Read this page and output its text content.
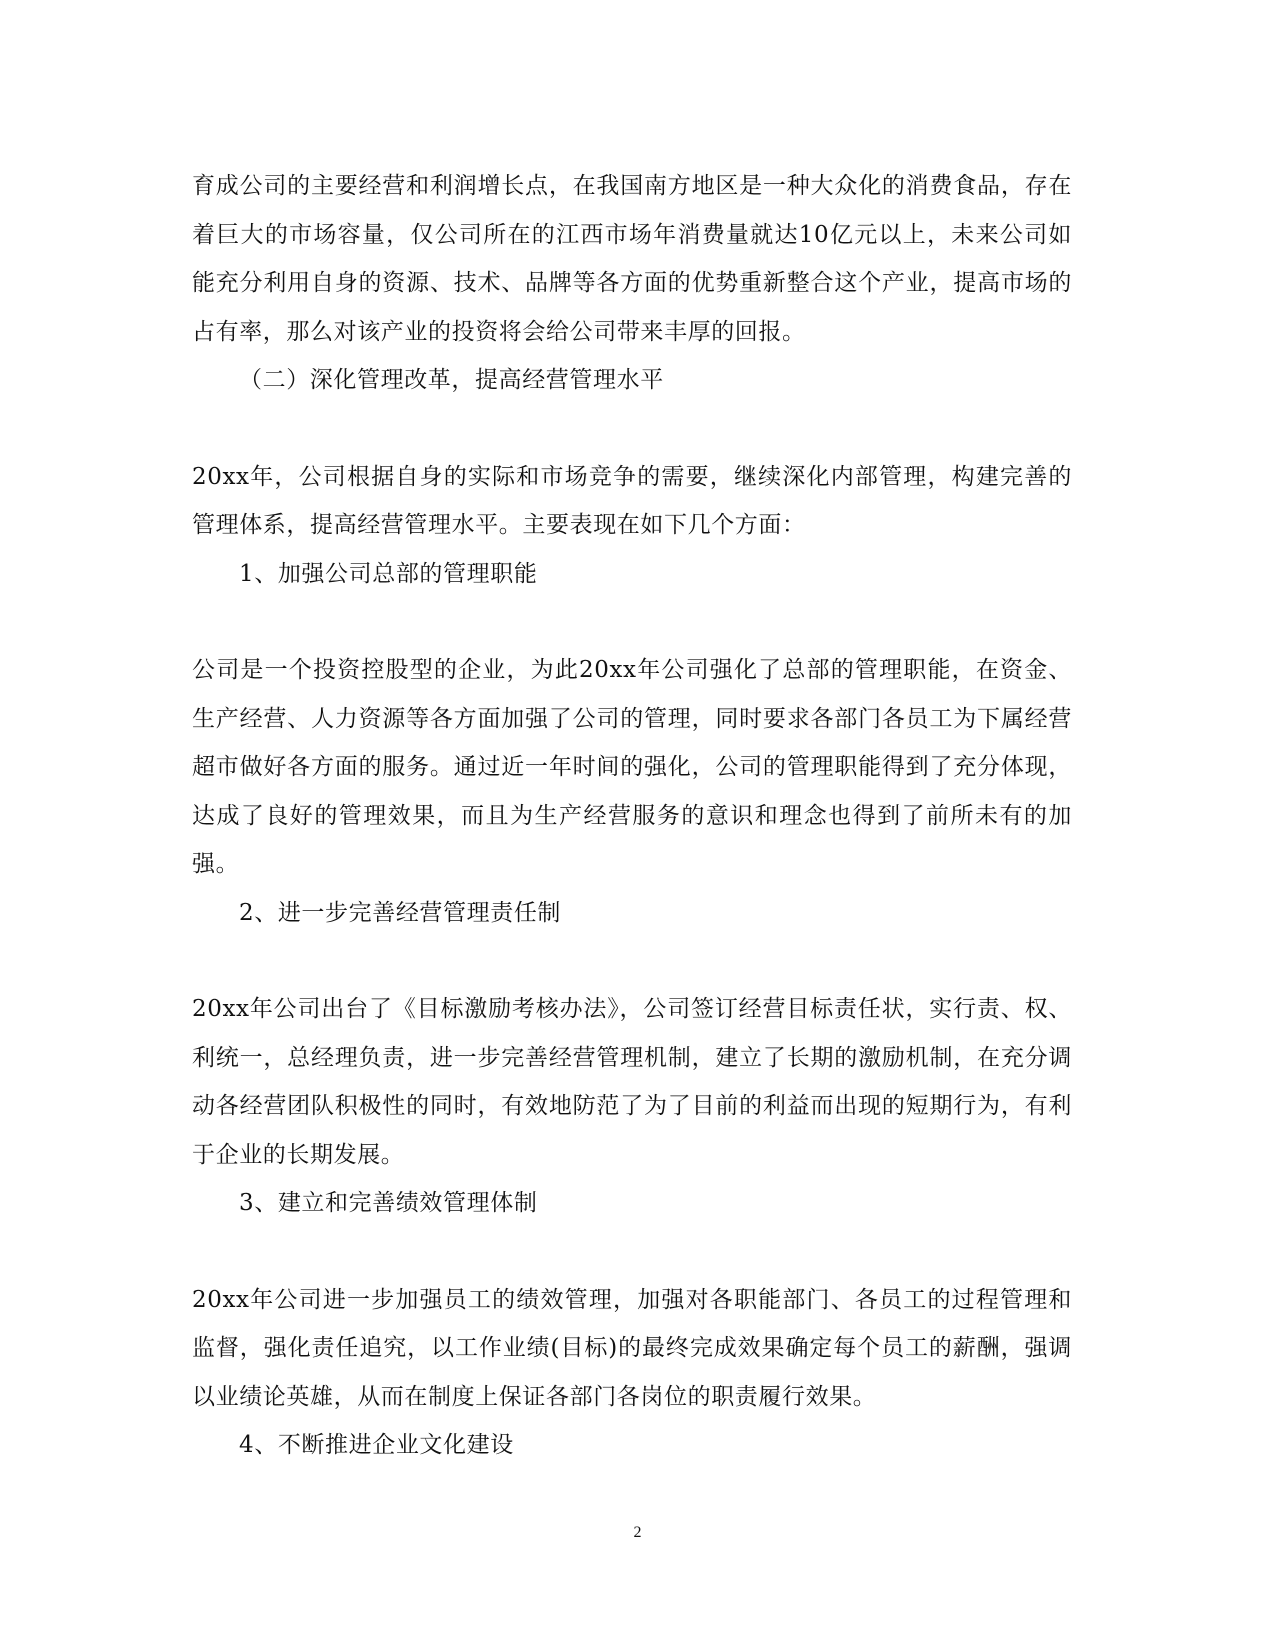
育成公司的主要经营和利润增长点，在我国南方地区是一种大众化的消费食品，存在着巨大的市场容量，仅公司所在的江西市场年消费量就达10亿元以上，未来公司如能充分利用自身的资源、技术、品牌等各方面的优势重新整合这个产业，提高市场的占有率，那么对该产业的投资将会给公司带来丰厚的回报。

（二）深化管理改革，提高经营管理水平

20xx年，公司根据自身的实际和市场竞争的需要，继续深化内部管理，构建完善的管理体系，提高经营管理水平。主要表现在如下几个方面：

1、加强公司总部的管理职能

公司是一个投资控股型的企业，为此20xx年公司强化了总部的管理职能，在资金、生产经营、人力资源等各方面加强了公司的管理，同时要求各部门各员工为下属经营超市做好各方面的服务。通过近一年时间的强化，公司的管理职能得到了充分体现，达成了良好的管理效果，而且为生产经营服务的意识和理念也得到了前所未有的加强。

2、进一步完善经营管理责任制

20xx年公司出台了《目标激励考核办法》，公司签订经营目标责任状，实行责、权、利统一，总经理负责，进一步完善经营管理机制，建立了长期的激励机制，在充分调动各经营团队积极性的同时，有效地防范了为了目前的利益而出现的短期行为，有利于企业的长期发展。

3、建立和完善绩效管理体制

20xx年公司进一步加强员工的绩效管理，加强对各职能部门、各员工的过程管理和监督，强化责任追究，以工作业绩(目标)的最终完成效果确定每个员工的薪酬，强调以业绩论英雄，从而在制度上保证各部门各岗位的职责履行效果。

4、不断推进企业文化建设

2
